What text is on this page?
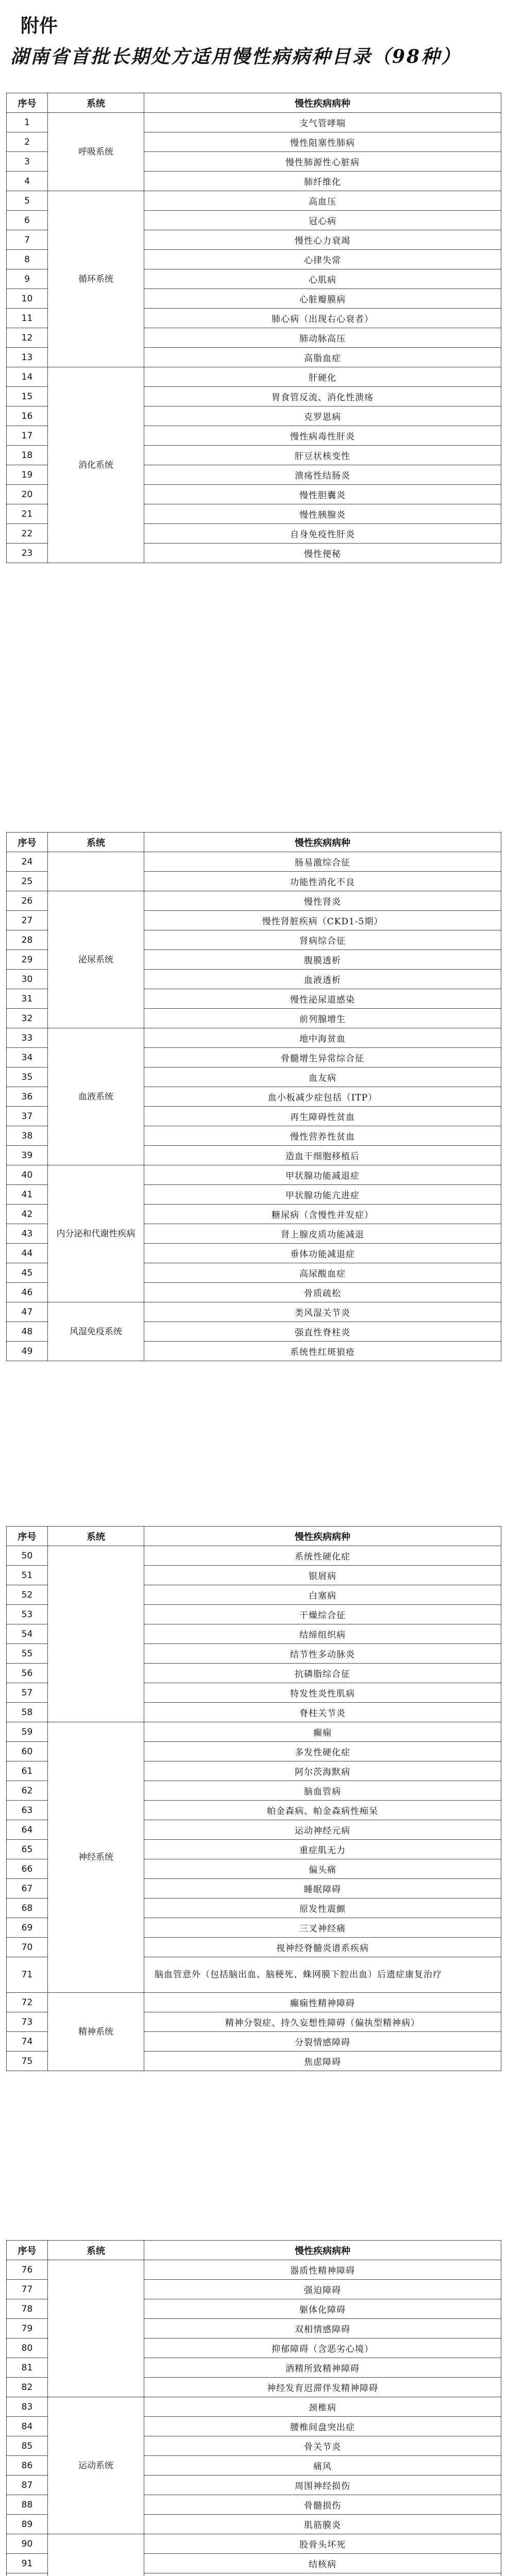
附件
湖南省首批长期处方适用慢性病病种目录（98种）
序号	系统	慢性疾病病种
1	呼吸系统	支气管哮喘
2		慢性阻塞性肺病
3		慢性肺源性心脏病
4		肺纤维化
5	循环系统	高血压
6		冠心病
7		慢性心力衰竭
8		心律失常
9		心肌病
10		心脏瓣膜病
11		肺心病（出现右心衰者）
12		肺动脉高压
13		高脂血症
14	消化系统	肝硬化
15		胃食管反流、消化性溃疡
16		克罗恩病
17		慢性病毒性肝炎
18		肝豆状核变性
19		溃疡性结肠炎
20		慢性胆囊炎
21		慢性胰腺炎
22		自身免疫性肝炎
23		慢性便秘
序号	系统	慢性疾病病种
24		肠易激综合征
25		功能性消化不良
26	泌尿系统	慢性肾炎
27		慢性肾脏疾病（CKD1-5期）
28		肾病综合征
29		腹膜透析
30		血液透析
31		慢性泌尿道感染
32		前列腺增生
33	血液系统	地中海贫血
34		骨髓增生异常综合征
35		血友病
36		血小板减少症包括（ITP）
37		再生障碍性贫血
38		慢性营养性贫血
39		造血干细胞移植后
40	内分泌和代谢性疾病	甲状腺功能减退症
41		甲状腺功能亢进症
42		糖尿病（含慢性并发症）
43		肾上腺皮质功能减退
44		垂体功能减退症
45		高尿酸血症
46		骨质疏松
47	风湿免疫系统	类风湿关节炎
48		强直性脊柱炎
49		系统性红斑狼疮
序号	系统	慢性疾病病种
50		系统性硬化症
51		银屑病
52		白塞病
53		干燥综合征
54		结缔组织病
55		结节性多动脉炎
56		抗磷脂综合征
57		特发性炎性肌病
58		脊柱关节炎
59	神经系统	癫痫
60		多发性硬化症
61		阿尔茨海默病
62		脑血管病
63		帕金森病、帕金森病性痴呆
64		运动神经元病
65		重症肌无力
66		偏头痛
67		睡眠障碍
68		原发性震颤
69		三叉神经痛
70		视神经脊髓炎谱系疾病
71		脑血管意外（包括脑出血、脑梗死、蛛网膜下腔出血）后遗症康复治疗
72	精神系统	癫痫性精神障碍
73		精神分裂症、持久妄想性障碍（偏执型精神病）
74		分裂情感障碍
75		焦虑障碍
序号	系统	慢性疾病病种
76		器质性精神障碍
77		强迫障碍
78		躯体化障碍
79		双相情感障碍
80		抑郁障碍（含恶劣心境）
81		酒精所致精神障碍
82		神经发育迟滞伴发精神障碍
83	运动系统	颈椎病
84		腰椎间盘突出症
85		骨关节炎
86		痛风
87		周围神经损伤
88		骨髓损伤
89		肌筋膜炎
90		股骨头坏死
91		结核病
